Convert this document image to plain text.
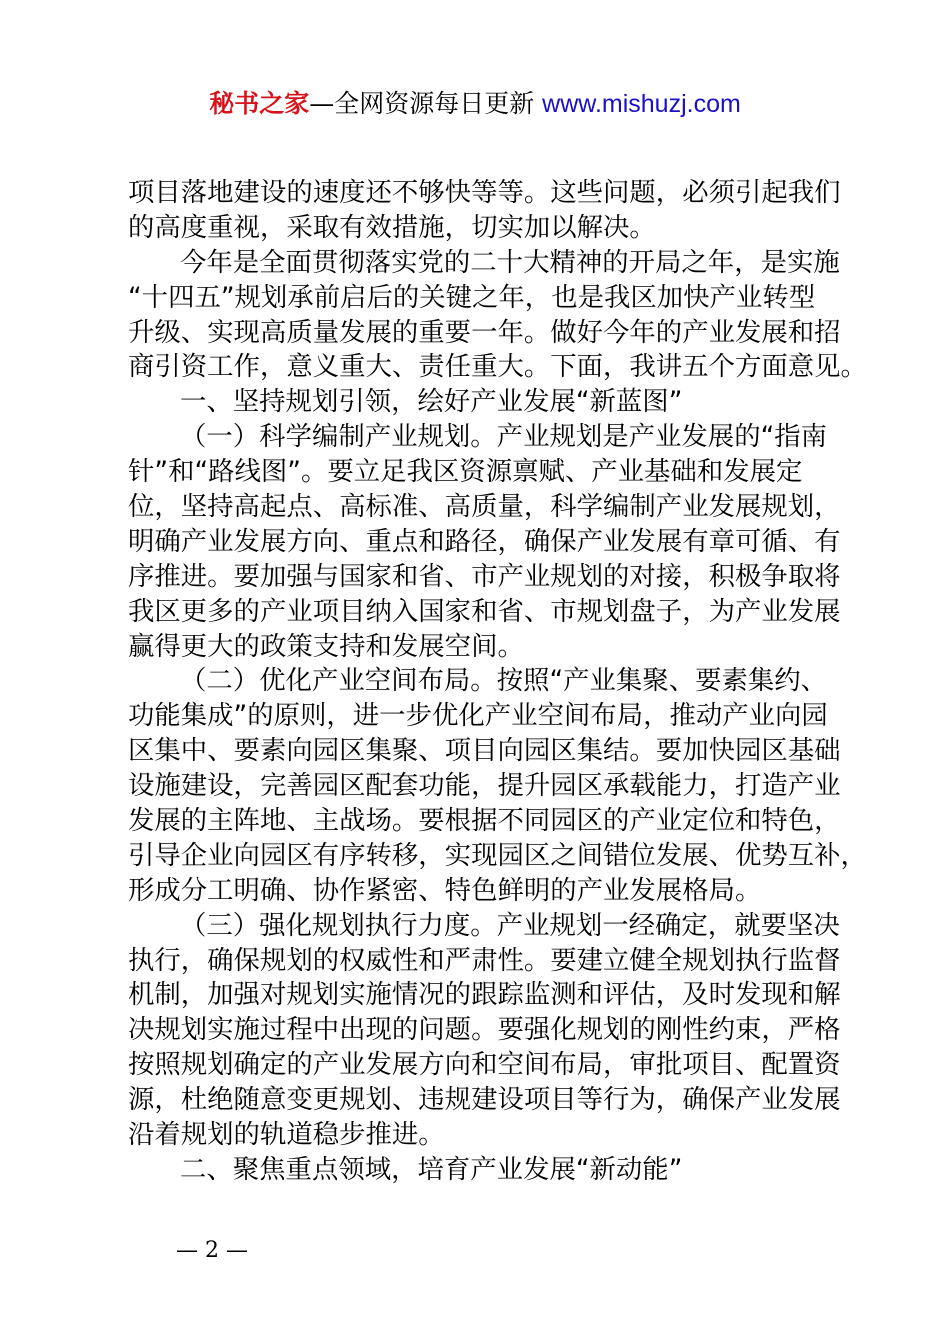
秘书之家—全网资源每日更新 www.mishuzj.com
项目落地建设的速度还不够快等等。这些问题，必须引起我们
的高度重视，采取有效措施，切实加以解决。
今年是全面贯彻落实党的二十大精神的开局之年，是实施
“十四五”规划承前启后的关键之年，也是我区加快产业转型
升级、实现高质量发展的重要一年。做好今年的产业发展和招
商引资工作，意义重大、责任重大。下面，我讲五个方面意见。
一、坚持规划引领，绘好产业发展“新蓝图”
（一）科学编制产业规划。产业规划是产业发展的“指南
针”和“路线图”。要立足我区资源禀赋、产业基础和发展定
位，坚持高起点、高标准、高质量，科学编制产业发展规划，
明确产业发展方向、重点和路径，确保产业发展有章可循、有
序推进。要加强与国家和省、市产业规划的对接，积极争取将
我区更多的产业项目纳入国家和省、市规划盘子，为产业发展
赢得更大的政策支持和发展空间。
（二）优化产业空间布局。按照“产业集聚、要素集约、
功能集成”的原则，进一步优化产业空间布局，推动产业向园
区集中、要素向园区集聚、项目向园区集结。要加快园区基础
设施建设，完善园区配套功能，提升园区承载能力，打造产业
发展的主阵地、主战场。要根据不同园区的产业定位和特色，
引导企业向园区有序转移，实现园区之间错位发展、优势互补，
形成分工明确、协作紧密、特色鲜明的产业发展格局。
（三）强化规划执行力度。产业规划一经确定，就要坚决
执行，确保规划的权威性和严肃性。要建立健全规划执行监督
机制，加强对规划实施情况的跟踪监测和评估，及时发现和解
决规划实施过程中出现的问题。要强化规划的刚性约束，严格
按照规划确定的产业发展方向和空间布局，审批项目、配置资
源，杜绝随意变更规划、违规建设项目等行为，确保产业发展
沿着规划的轨道稳步推进。
二、聚焦重点领域，培育产业发展“新动能”
— 2 —
